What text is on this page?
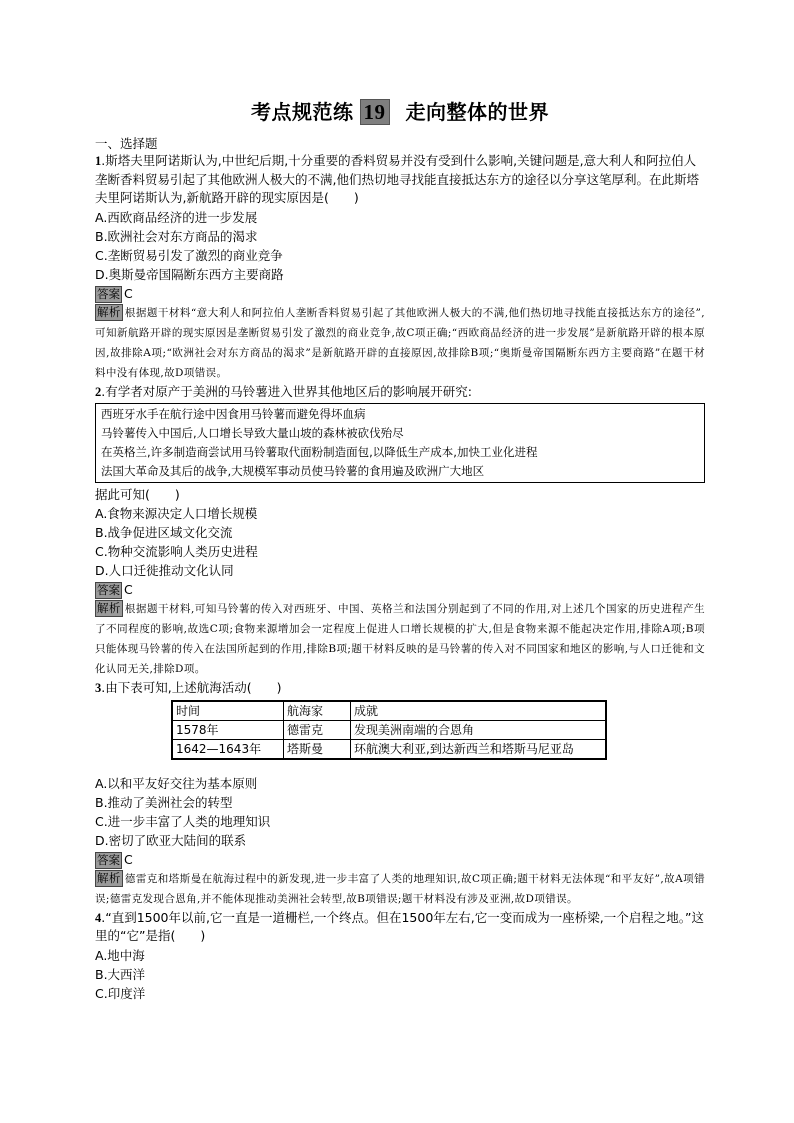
考点规范练 19 走向整体的世界
一、选择题

1.斯塔夫里阿诺斯认为,中世纪后期,十分重要的香料贸易并没有受到什么影响,关键问题是,意大利人和阿拉伯人垄断香料贸易引起了其他欧洲人极大的不满,他们热切地寻找能直接抵达东方的途径以分享这笔厚利。在此斯塔夫里阿诺斯认为,新航路开辟的现实原因是(　　)

A.西欧商品经济的进一步发展

B.欧洲社会对东方商品的渴求

C.垄断贸易引发了激烈的商业竞争

D.奥斯曼帝国隔断东西方主要商路

答案 C

解析 根据题干材料“意大利人和阿拉伯人垄断香料贸易引起了其他欧洲人极大的不满,他们热切地寻找能直接抵达东方的途径”,可知新航路开辟的现实原因是垄断贸易引发了激烈的商业竞争,故C项正确;“西欧商品经济的进一步发展”是新航路开辟的根本原因,故排除A项;“欧洲社会对东方商品的渴求”是新航路开辟的直接原因,故排除B项;“奥斯曼帝国隔断东西方主要商路”在题干材料中没有体现,故D项错误。

2.有学者对原产于美洲的马铃薯进入世界其他地区后的影响展开研究:

西班牙水手在航行途中因食用马铃薯而避免得坏血病
马铃薯传入中国后,人口增长导致大量山坡的森林被砍伐殆尽
在英格兰,许多制造商尝试用马铃薯取代面粉制造面包,以降低生产成本,加快工业化进程
法国大革命及其后的战争,大规模军事动员使马铃薯的食用遍及欧洲广大地区

据此可知(　　)

A.食物来源决定人口增长规模

B.战争促进区域文化交流

C.物种交流影响人类历史进程

D.人口迁徙推动文化认同

答案 C

解析 根据题干材料,可知马铃薯的传入对西班牙、中国、英格兰和法国分别起到了不同的作用,对上述几个国家的历史进程产生了不同程度的影响,故选C项;食物来源增加会一定程度上促进人口增长规模的扩大,但是食物来源不能起决定作用,排除A项;B项只能体现马铃薯的传入在法国所起到的作用,排除B项;题干材料反映的是马铃薯的传入对不同国家和地区的影响,与人口迁徙和文化认同无关,排除D项。

3.由下表可知,上述航海活动(　　)

时间	航海家	成就
1578年	德雷克	发现美洲南端的合恩角
1642—1643年	塔斯曼	环航澳大利亚,到达新西兰和塔斯马尼亚岛

A.以和平友好交往为基本原则

B.推动了美洲社会的转型

C.进一步丰富了人类的地理知识

D.密切了欧亚大陆间的联系

答案 C

解析 德雷克和塔斯曼在航海过程中的新发现,进一步丰富了人类的地理知识,故C项正确;题干材料无法体现“和平友好”,故A项错误;德雷克发现合恩角,并不能体现推动美洲社会转型,故B项错误;题干材料没有涉及亚洲,故D项错误。

4.“直到1500年以前,它一直是一道栅栏,一个终点。但在1500年左右,它一变而成为一座桥梁,一个启程之地。”这里的“它”是指(　　)

A.地中海

B.大西洋

C.印度洋
